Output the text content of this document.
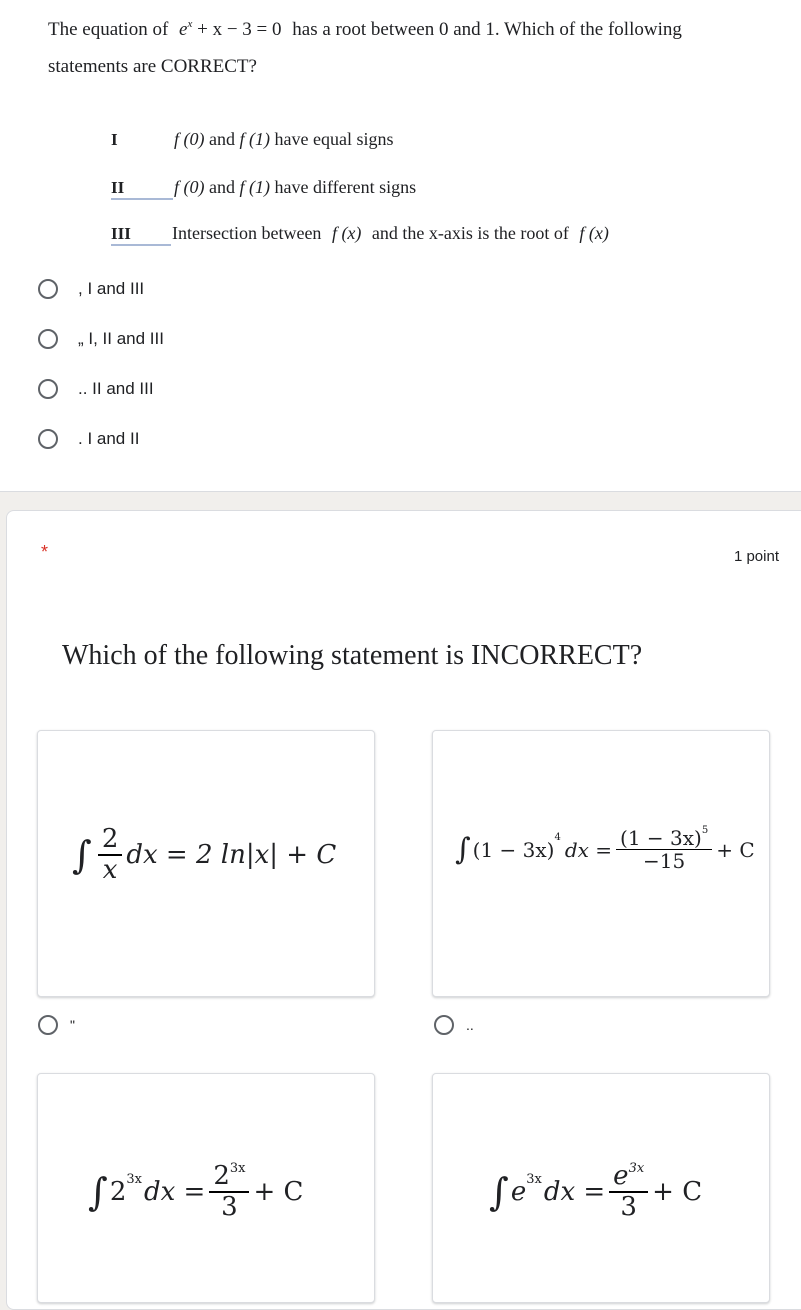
The equation of $e^x + x - 3 = 0$ has a root between 0 and 1. Which of the following
statements are CORRECT?
I	f (0) and f (1) have equal signs
II	f (0) and f (1) have different signs
III	Intersection between f (x) and the x-axis is the root of f (x)
, I and III
„ I, II and III
.. II and III
. I and II
*	1 point
Which of the following statement is INCORRECT?
∫ $\frac{2}{x}$ dx = 2 ln|x| + C	∫ (1 − 3x) 4 dx = $\frac{(1 - 3x)^5}{-15} + C$
"	..
∫ 2 3x dx = $\frac{2^{3x}}{3} + C$	∫ e 3x dx = $\frac{e^{3x}}{3} + C$
